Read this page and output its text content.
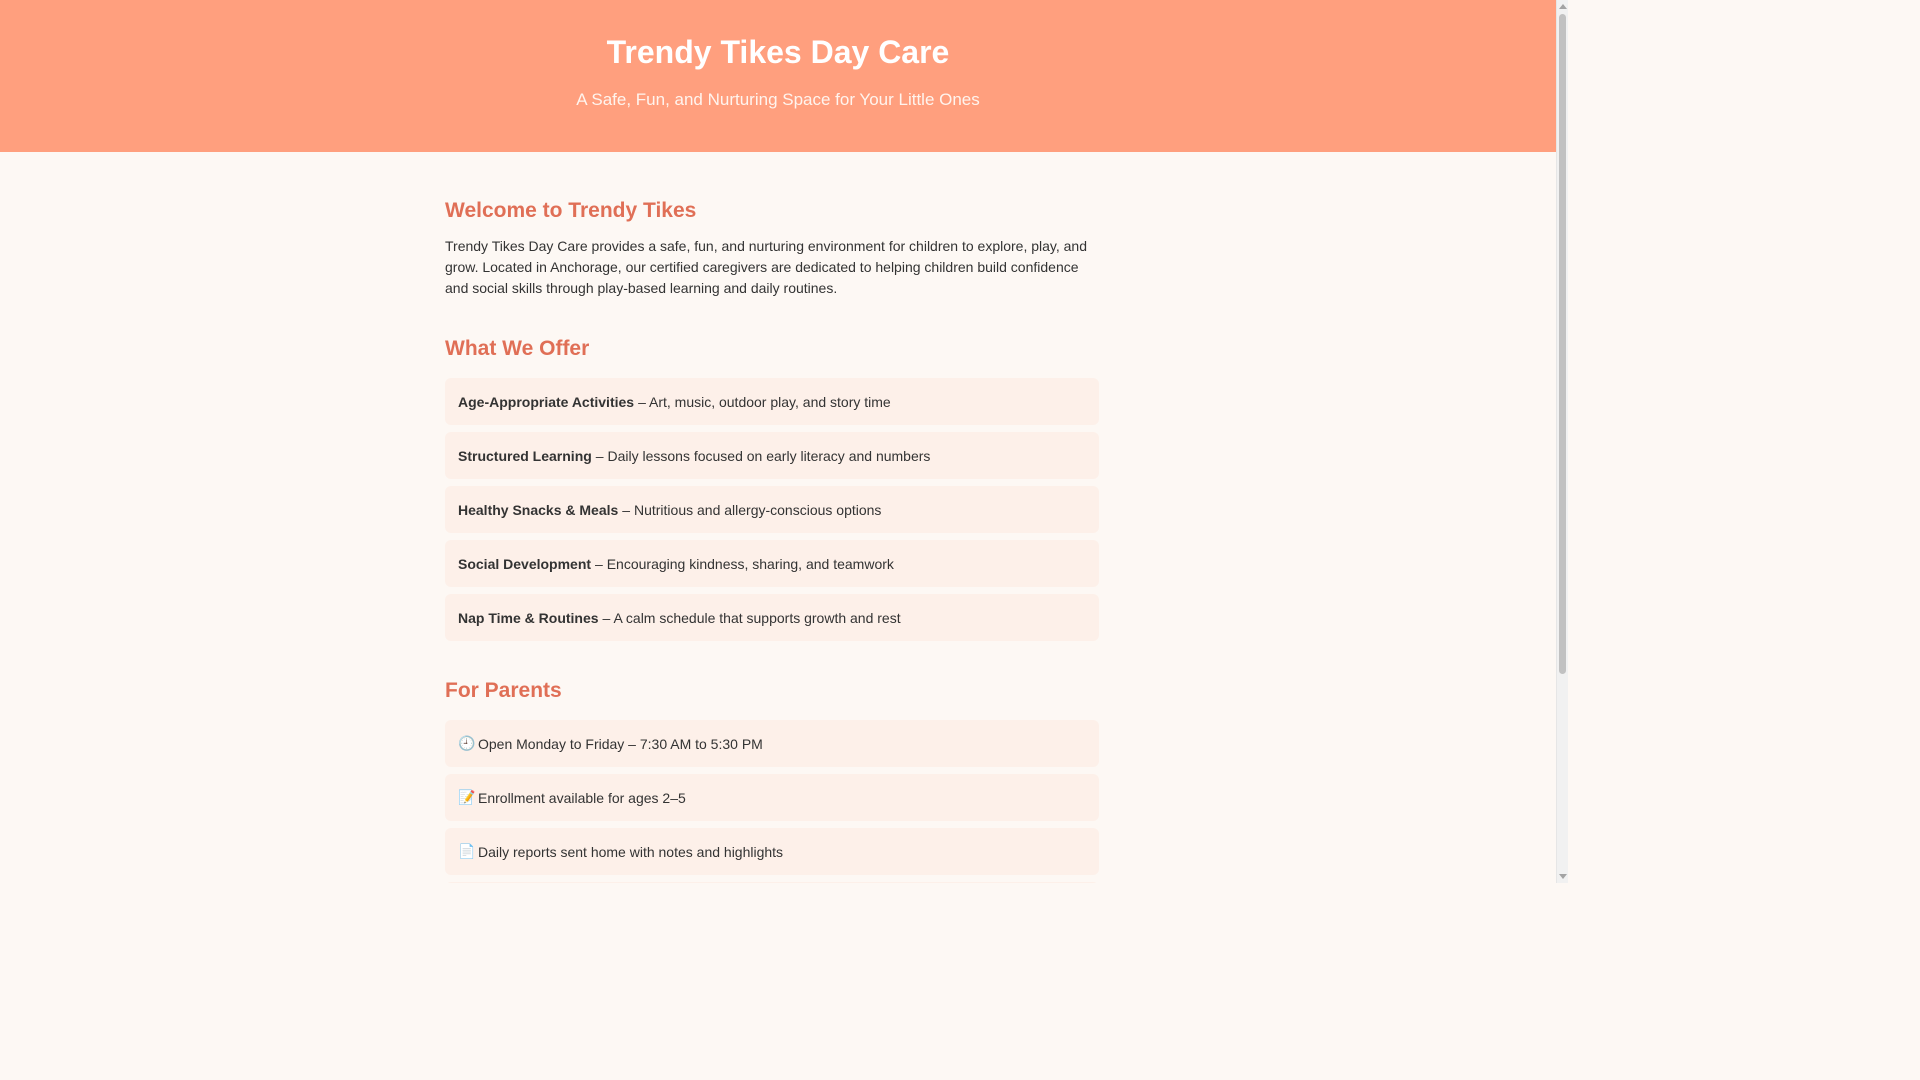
Trendy Tikes Day Care

A Safe, Fun, and Nurturing Space for Your Little Ones

Welcome to Trendy Tikes

Trendy Tikes Day Care provides a safe, fun, and nurturing environment for children to explore, play, and grow. Located in Anchorage, our certified caregivers are dedicated to helping children build confidence and social skills through play-based learning and daily routines.

What We Offer
Age-Appropriate Activities – Art, music, outdoor play, and story time
Structured Learning – Daily lessons focused on early literacy and numbers
Healthy Snacks & Meals – Nutritious and allergy-conscious options
Social Development – Encouraging kindness, sharing, and teamwork
Nap Time & Routines – A calm schedule that supports growth and rest
For Parents
🕘 Open Monday to Friday – 7:30 AM to 5:30 PM
📝 Enrollment available for ages 2–5
📄 Daily reports sent home with notes and highlights
